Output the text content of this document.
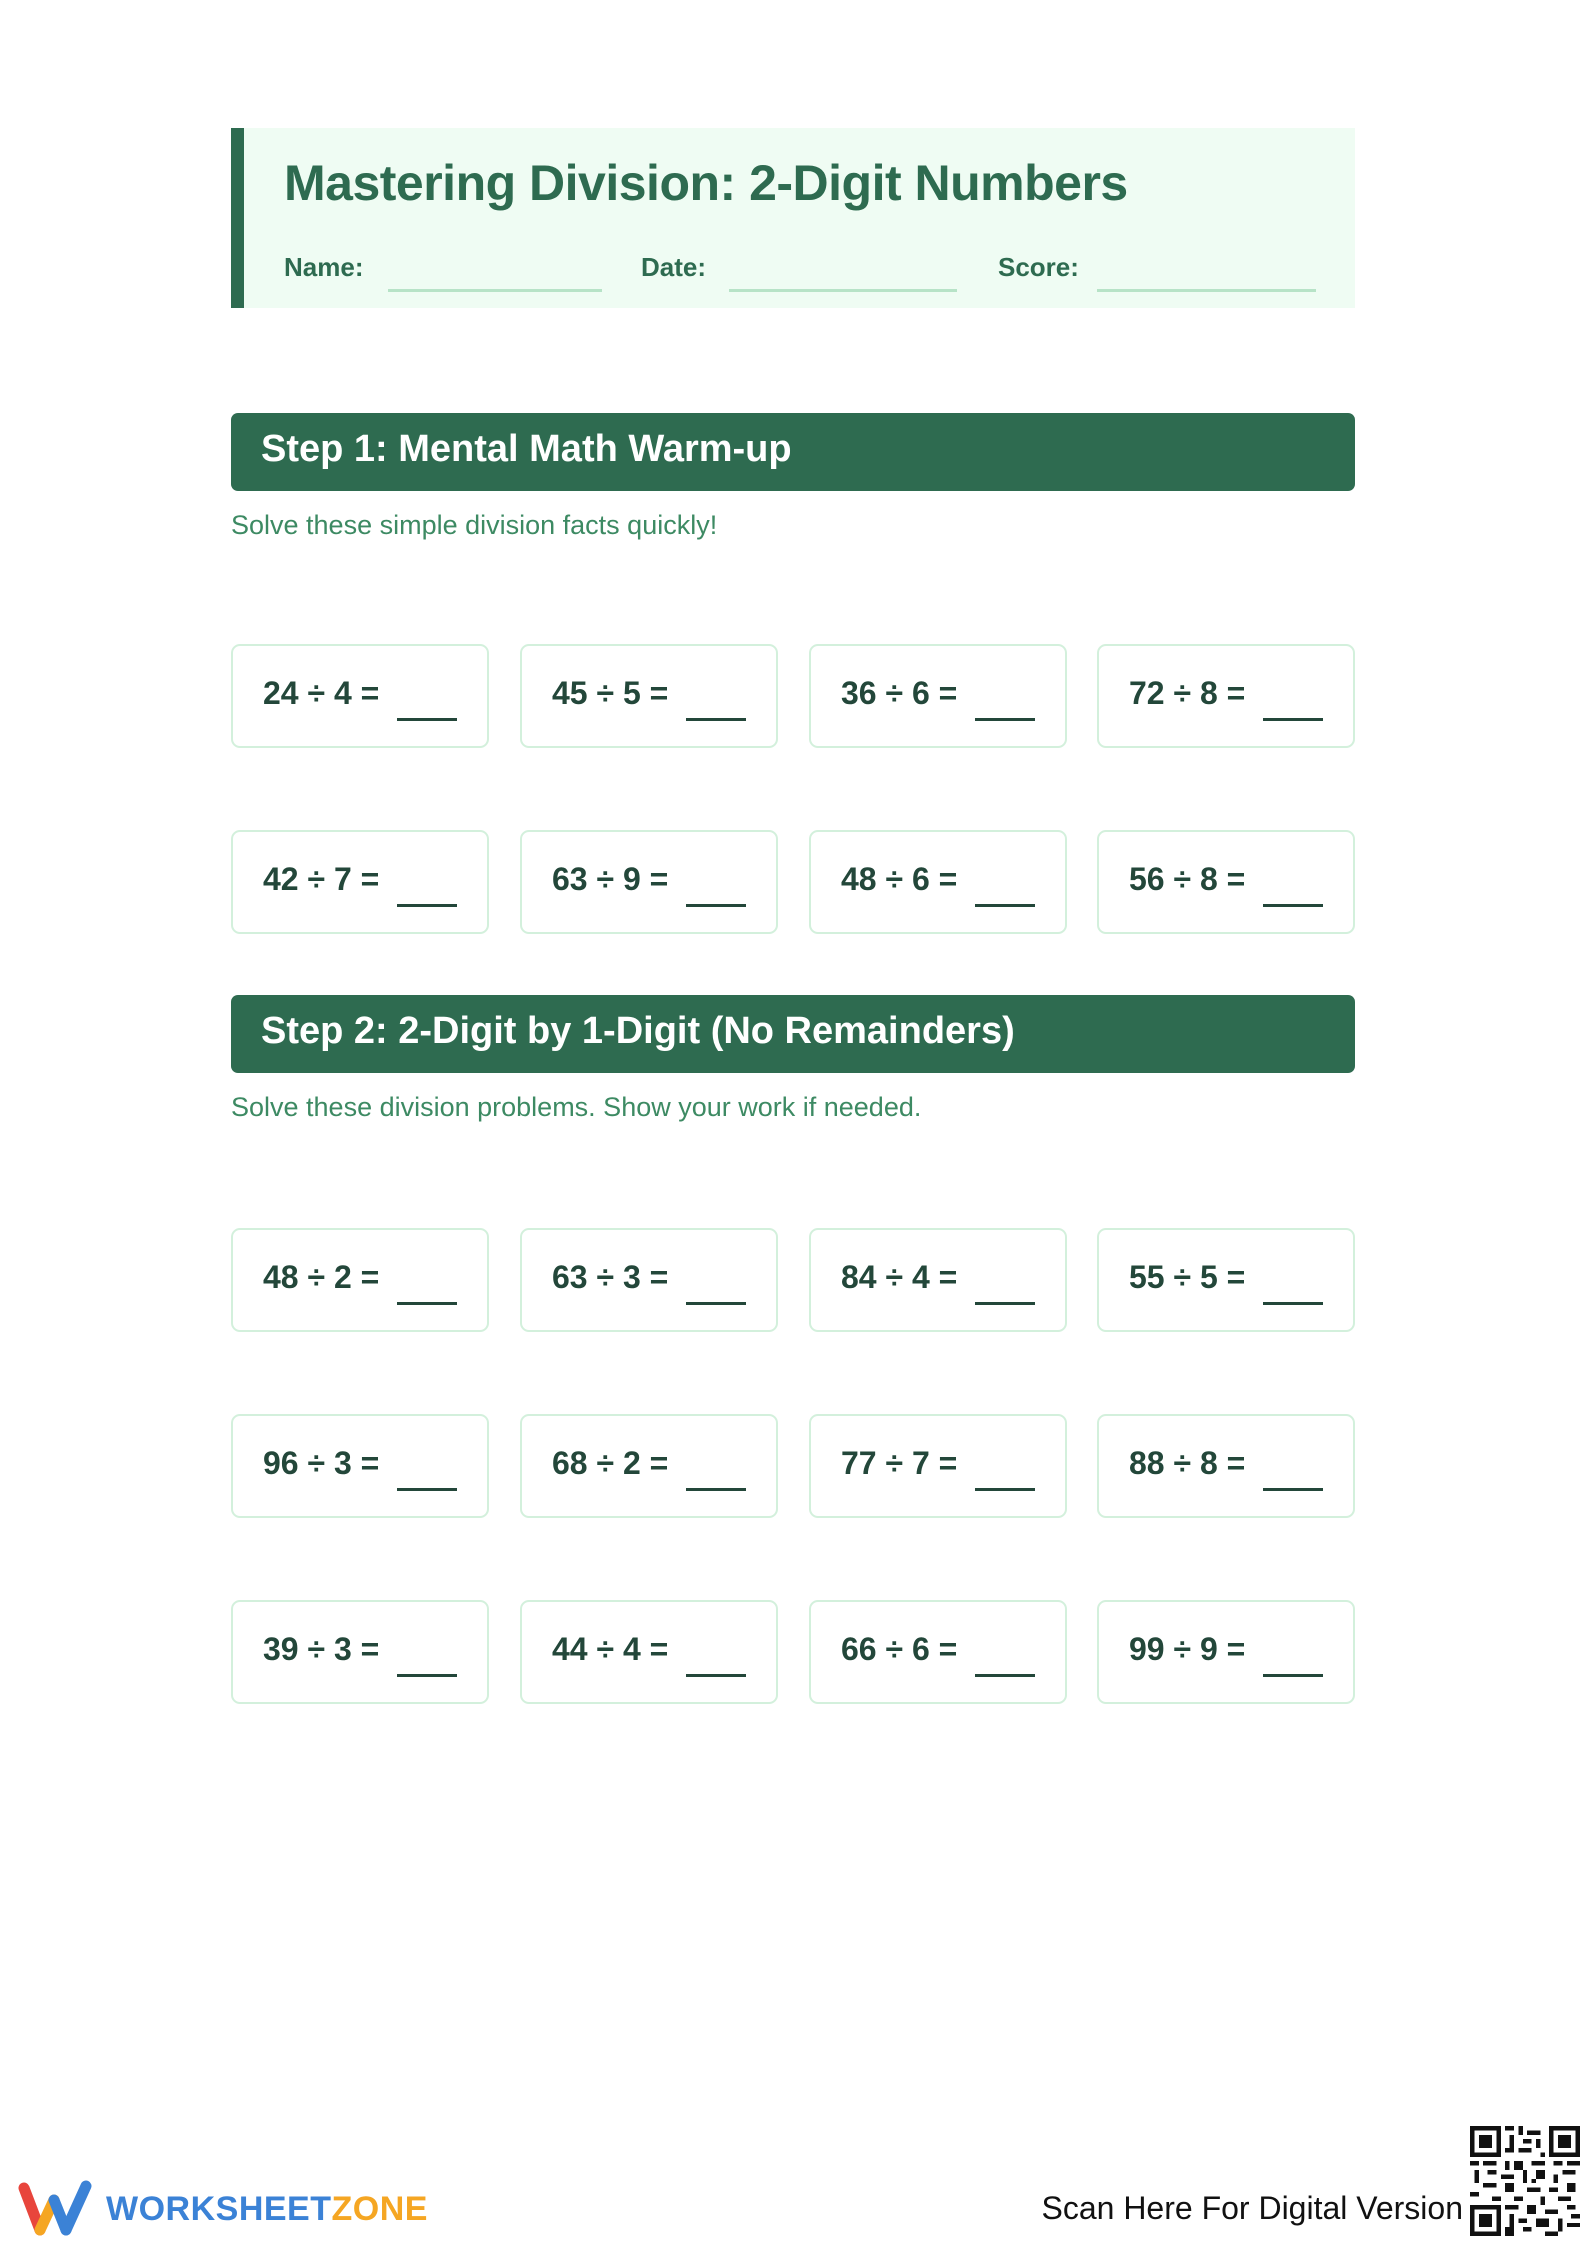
Mastering Division: 2-Digit Numbers
Name:	Date:	Score:
Step 1: Mental Math Warm-up
Solve these simple division facts quickly!
24 ÷ 4 =	45 ÷ 5 =	36 ÷ 6 =	72 ÷ 8 =
42 ÷ 7 =	63 ÷ 9 =	48 ÷ 6 =	56 ÷ 8 =
Step 2: 2-Digit by 1-Digit (No Remainders)
Solve these division problems. Show your work if needed.
48 ÷ 2 =	63 ÷ 3 =	84 ÷ 4 =	55 ÷ 5 =
96 ÷ 3 =	68 ÷ 2 =	77 ÷ 7 =	88 ÷ 8 =
39 ÷ 3 =	44 ÷ 4 =	66 ÷ 6 =	99 ÷ 9 =
WORKSHEETZONE	Scan Here For Digital Version
